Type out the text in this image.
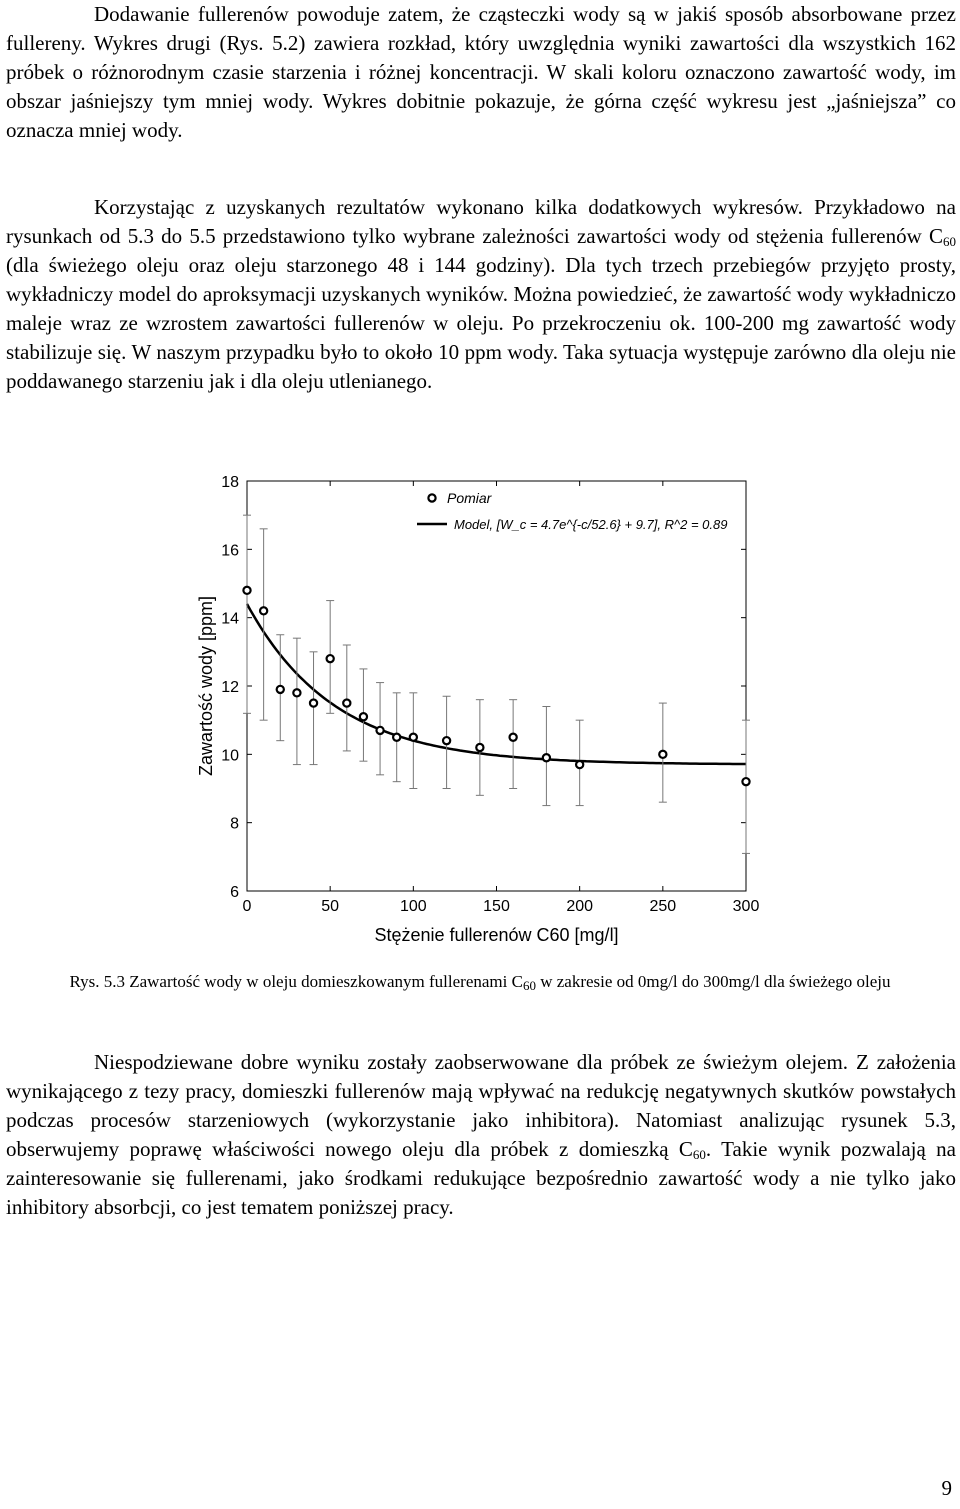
Dodawanie fullerenów powoduje zatem, że cząsteczki wody są w jakiś sposób absorbowane przez fullereny. Wykres drugi (Rys. 5.2) zawiera rozkład, który uwzględnia wyniki zawartości dla wszystkich 162 próbek o różnorodnym czasie starzenia i różnej koncentracji. W skali koloru oznaczono zawartość wody, im obszar jaśniejszy tym mniej wody. Wykres dobitnie pokazuje, że górna część wykresu jest „jaśniejsza” co oznacza mniej wody.

Korzystając z uzyskanych rezultatów wykonano kilka dodatkowych wykresów. Przykładowo na rysunkach od 5.3 do 5.5 przedstawiono tylko wybrane zależności zawartości wody od stężenia fullerenów $C_{60}$ (dla świeżego oleju oraz oleju starzonego 48 i 144 godziny). Dla tych trzech przebiegów przyjęto prosty, wykładniczy model do aproksymacji uzyskanych wyników. Można powiedzieć, że zawartość wody wykładniczo maleje wraz ze wzrostem zawartości fullerenów w oleju. Po przekroczeniu ok. 100-200 mg zawartość wody stabilizuje się. W naszym przypadku było to około 10 ppm wody. Taka sytuacja występuje zarówno dla oleju nie poddawanego starzeniu jak i dla oleju utlenianego.

0	50	100	150	200	250	300
6
8
10
12
14
16
18
Pomiar
Model, [W_c = 4.7e^{-c/52.6} + 9.7], R^2 = 0.89
Stężenie fullerenów C60 [mg/l]
Zawartość wody [ppm]

Rys. 5.3 Zawartość wody w oleju domieszkowanym fullerenami $C_{60}$ w zakresie od 0mg/l do 300mg/l dla świeżego oleju

Niespodziewane dobre wyniku zostały zaobserwowane dla próbek ze świeżym olejem. Z założenia wynikającego z tezy pracy, domieszki fullerenów mają wpływać na redukcję negatywnych skutków powstałych podczas procesów starzeniowych (wykorzystanie jako inhibitora). Natomiast analizując rysunek 5.3, obserwujemy poprawę właściwości nowego oleju dla próbek z domieszką $C_{60}$. Takie wynik pozwalają na zainteresowanie się fullerenami, jako środkami redukujące bezpośrednio zawartość wody a nie tylko jako inhibitory absorbcji, co jest tematem poniższej pracy.

9
